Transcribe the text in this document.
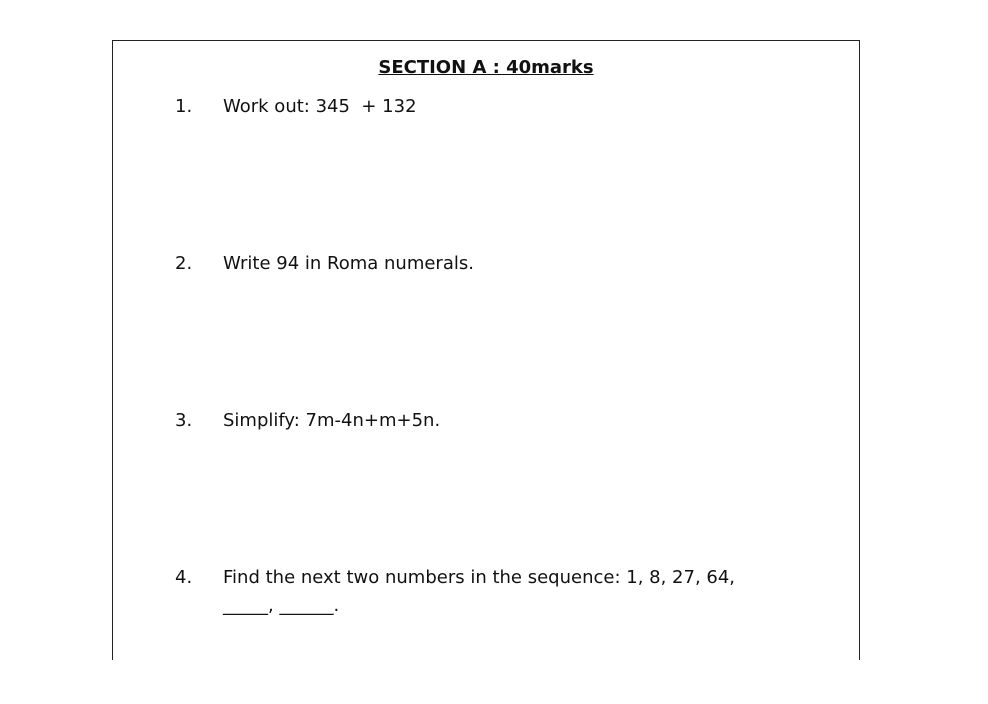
SECTION A : 40marks
1. Work out: 345  + 132
2. Write 94 in Roma numerals.
3. Simplify: 7m-4n+m+5n.
4. Find the next two numbers in the sequence: 1, 8, 27, 64, _____, ______.
